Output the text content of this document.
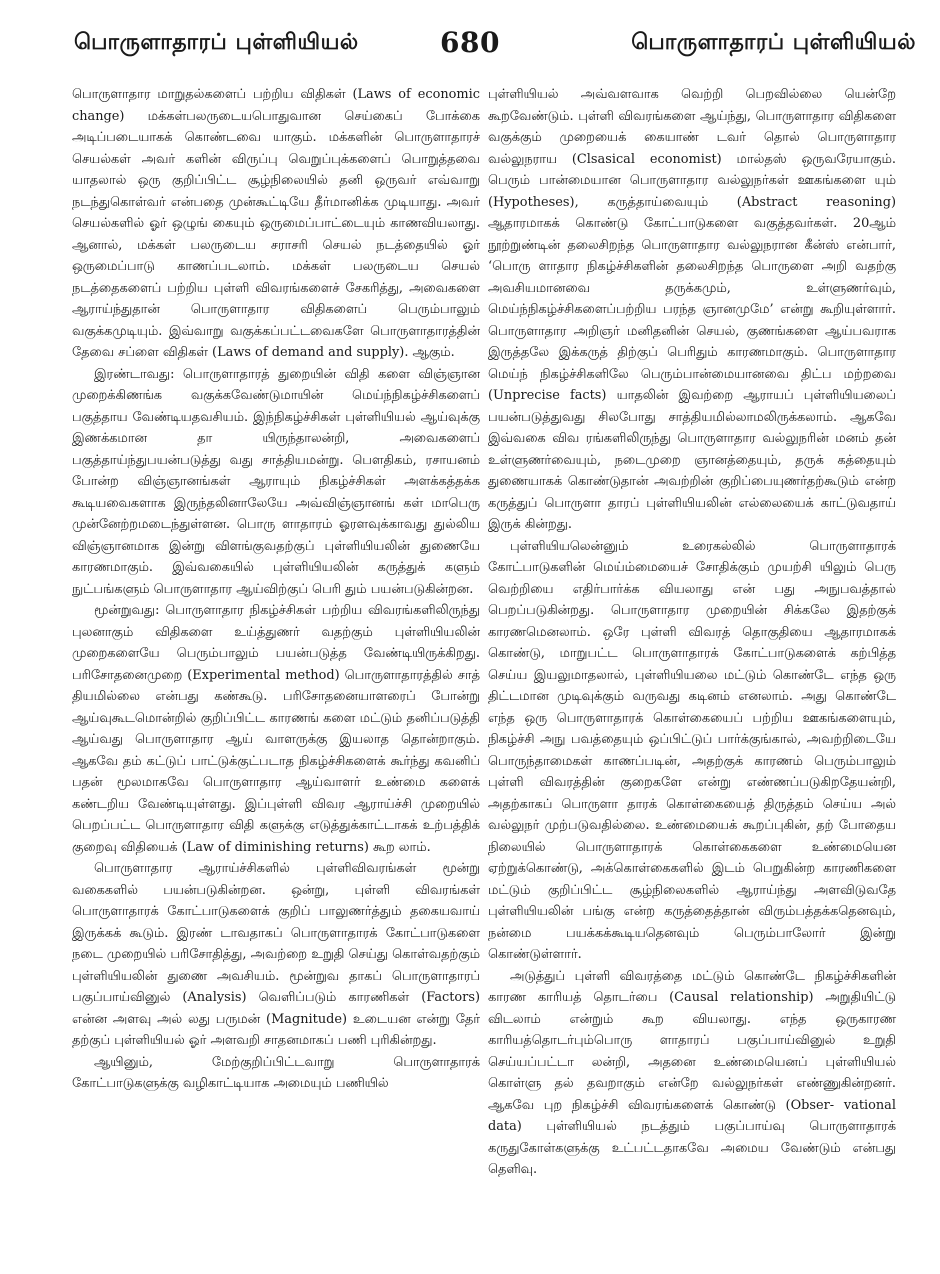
பொருளாதாரப் புள்ளியியல்	680	பொருளாதாரப் புள்ளியியல்

பொருளாதார மாறுதல்களைப் பற்றிய விதிகள் (Laws of economic change) மக்கள்பலருடையபொதுவான செய்கைப் போக்கை அடிப்படையாகக் கொண்டவை யாகும். மக்களின் பொருளாதாரச் செயல்கள் அவர் களின் விருப்பு வெறுப்புக்களைப் பொறுத்தவை யாதலால் ஒரு குறிப்பிட்ட சூழ்நிலையில் தனி ஒருவர் எவ்வாறு நடந்துகொள்வர் என்பதை முன்கூட்டியே தீர்மானிக்க முடியாது. அவர் செயல்களில் ஓர் ஒழுங் கையும் ஒருமைப்பாட்டையும் காணவியலாது. ஆனால், மக்கள் பலருடைய சராசரி செயல் நடத்தையில் ஓர் ஒருமைப்பாடு காணப்படலாம். மக்கள் பலருடைய செயல் நடத்தைகளைப் பற்றிய புள்ளி விவரங்களைச் சேகரித்து, அவைகளை ஆராய்ந்துதான் பொருளாதார விதிகளைப் பெரும்பாலும் வகுக்கமுடியும். இவ்வாறு வகுக்கப்பட்டவைகளே பொருளாதாரத்தின் தேவை சப்ளை விதிகள் (Laws of demand and supply). ஆகும்.

இரண்டாவது: பொருளாதாரத் துறையின் விதி களை விஞ்ஞான முறைக்கிணங்க வகுக்கவேண்டுமாயின் மெய்ந்நிகழ்ச்சிகளைப் பகுத்தாய வேண்டியதவசியம். இந்நிகழ்ச்சிகள் புள்ளியியல் ஆய்வுக்கு இணக்கமான தா யிருந்தாலன்றி, அவைகளைப் பகுத்தாய்ந்துபயன்படுத்து வது சாத்தியமன்று. பௌதிகம், ரசாயனம் போன்ற விஞ்ஞானங்கள் ஆராயும் நிகழ்ச்சிகள் அளக்கத்தக்க கூடியவைகளாக இருந்தலினாலேயே அவ்விஞ்ஞானங் கள் மாபெரு முன்னேற்றமடைந்துள்ளன. பொரு ளாதாரம் ஓரளவுக்காவது துல்லிய விஞ்ஞானமாக இன்று விளங்குவதற்குப் புள்ளியியலின் துணையே காரணமாகும். இவ்வகையில் புள்ளியியலின் கருத்துக் களும் நுட்பங்களும் பொருளாதார ஆய்விற்குப் பெரி தும் பயன்படுகின்றன.

மூன்றுவது: பொருளாதார நிகழ்ச்சிகள் பற்றிய விவரங்களிலிருந்து புலனாகும் விதிகளை உய்த்துணர் வதற்கும் புள்ளியியலின் முறைகளையே பெரும்பாலும் பயன்படுத்த வேண்டியிருக்கிறது. பரிசோதனைமுறை (Experimental method) பொருளாதாரத்தில் சாத் தியமில்லை என்பது கண்கூடு. பரிசோதனையாளரைப் போன்று ஆய்வுகூடமொன்றில் குறிப்பிட்ட காரணங் களை மட்டும் தனிப்படுத்தி ஆய்வது பொருளாதார ஆய் வாளருக்கு இயலாத தொன்றாகும். ஆகவே தம் கட்டுப் பாட்டுக்குட்படாத நிகழ்ச்சிகளைக் கூர்ந்து கவனிப் பதன் மூலமாகவே பொருளாதார ஆய்வாளர் உண்மை களைக் கண்டறிய வேண்டியுள்ளது. இப்புள்ளி விவர ஆராய்ச்சி முறையில் பெறப்பட்ட பொருளாதார விதி களுக்கு எடுத்துக்காட்டாகக் உற்பத்திக் குறைவு விதியைக் (Law of diminishing returns) கூற லாம்.

பொருளாதார ஆராய்ச்சிகளில் புள்ளிவிவரங்கள் மூன்று வகைகளில் பயன்படுகின்றன. ஒன்று, புள்ளி விவரங்கள் பொருளாதாரக் கோட்பாடுகளைக் குறிப் பாலுணர்த்தும் தகையவாய் இருக்கக் கூடும். இரண் டாவதாகப் பொருளாதாரக் கோட்பாடுகளை நடை முறையில் பரிசோதித்து, அவற்றை உறுதி செய்து கொள்வதற்கும் புள்ளியியலின் துணை அவசியம். மூன்றுவ தாகப் பொருளாதாரப் பகுப்பாய்வினுல் (Analysis) வெளிப்படும் காரணிகள் (Factors) என்ன அளவு அல் லது பருமன் (Magnitude) உடையன என்று தேர் தற்குப் புள்ளியியல் ஓர் அளவறி சாதனமாகப் பணி புரிகின்றது.

ஆயினும், மேற்குறிப்பிட்டவாறு பொருளாதாரக் கோட்பாடுகளுக்கு வழிகாட்டியாக அமையும் பணியில்

புள்ளியியல் அவ்வளவாக வெற்றி பெறவில்லை யென்றே கூறவேண்டும். புள்ளி விவரங்களை ஆய்ந்து, பொருளாதார விதிகளை வகுக்கும் முறையைக் கையாண் டவர் தொல் பொருளாதார வல்லுநராய (Clsasical economist) மால்தஸ் ஒருவரேயாகும். பெரும் பான்மையான பொருளாதார வல்லுநர்கள் ஊகங்களை யும் (Hypotheses), கருத்தாய்வையும் (Abstract reasoning) ஆதாரமாகக் கொண்டு கோட்பாடுகளை வகுத்தவர்கள். 20ஆம் நூற்றுண்டின் தலைசிறந்த பொருளாதார வல்லுநரான கீன்ஸ் என்பார், ‘பொரு ளாதார நிகழ்ச்சிகளின் தலைசிறந்த பொருளை அறி வதற்கு அவசியமானவை தருக்கமும், உள்ளுணர்வும், மெய்ந்நிகழ்ச்சிகளைப்பற்றிய பரந்த ஞானமுமே’ என்று கூறியுள்ளார். பொருளாதார அறிஞர் மனிதனின் செயல், குணங்களை ஆய்பவராக இருத்தலே இக்கருத் திற்குப் பெரிதும் காரணமாகும். பொருளாதார மெய்ந் நிகழ்ச்சிகளிலே பெரும்பான்மையானவை திட்ப மற்றவை (Unprecise facts) யாதலின் இவற்றை ஆராயப் புள்ளியியலைப் பயன்படுத்துவது சிலபோது சாத்தியமில்லாமலிருக்கலாம். ஆகவே இவ்வகை விவ ரங்களிலிருந்து பொருளாதார வல்லுநரின் மனம் தன் உள்ளுணர்வையும், நடைமுறை ஞானத்தையும், தருக் கத்தையும் துணையாகக் கொண்டுதான் அவற்றின் குறிப்பையுணர்தற்கூடும் என்ற கருத்துப் பொருளா தாரப் புள்ளியியலின் எல்லையைக் காட்டுவதாய் இருக் கின்றது.

புள்ளியியலென்னும் உரைகல்லில் பொருளாதாரக் கோட்பாடுகளின் மெய்ம்மையைச் சோதிக்கும் முயற்சி யிலும் பெரு வெற்றியை எதிர்பார்க்க வியலாது என் பது அநுபவத்தால் பெறப்படுகின்றது. பொருளாதார முறையின் சிக்கலே இதற்குக் காரணமெனலாம். ஒரே புள்ளி விவரத் தொகுதியை ஆதாரமாகக் கொண்டு, மாறுபட்ட பொருளாதாரக் கோட்பாடுகளைக் கற்பித்த செய்ய இயலுமாதலால், புள்ளியியலை மட்டும் கொண்டே எந்த ஒரு திட்டமான முடிவுக்கும் வருவது கடினம் எனலாம். அது கொண்டே எந்த ஒரு பொருளாதாரக் கொள்கையைப் பற்றிய ஊகங்களையும், நிகழ்ச்சி அநு பவத்தையும் ஒப்பிட்டுப் பார்க்குங்கால், அவற்றிடையே பொருந்தாமைகள் காணப்படின், அதற்குக் காரணம் பெரும்பாலும் புள்ளி விவரத்தின் குறைகளே என்று எண்ணப்படுகிறதேயன்றி, அதற்காகப் பொருளா தாரக் கொள்கையைத் திருத்தம் செய்ய அல் வல்லுநர் முற்படுவதில்லை. உண்மையைக் கூறப்புகின், தற் போதைய நிலையில் பொருளாதாரக் கொள்கைகளை உண்மையென ஏற்றுக்கொண்டு, அக்கொள்கைகளில் இடம் பெறுகின்ற காரணிகளை மட்டும் குறிப்பிட்ட சூழ்நிலைகளில் ஆராய்ந்து அளவிடுவதே புள்ளியியலின் பங்கு என்ற கருத்தைத்தான் விரும்பத்தக்கதெனவும், நன்மை பயக்கக்கூடியதெனவும் பெரும்பாலோர் இன்று கொண்டுள்ளார்.

அடுத்துப் புள்ளி விவரத்தை மட்டும் கொண்டே நிகழ்ச்சிகளின் காரண காரியத் தொடர்பை (Causal relationship) அறுதியிட்டு விடலாம் என்றும் கூற வியலாது. எந்த ஒருகாரண காரியத்தொடர்பும்பொரு ளாதாரப் பகுப்பாய்வினுல் உறுதி செய்யப்பட்டா லன்றி, அதனை உண்மையெனப் புள்ளியியல் கொள்ளு தல் தவறாகும் என்றே வல்லுநர்கள் எண்ணுகின்றனர். ஆகவே புற நிகழ்ச்சி விவரங்களைக் கொண்டு (Obser- vational data) புள்ளியியல் நடத்தும் பகுப்பாய்வு பொருளாதாரக் கருதுகோள்களுக்கு உட்பட்டதாகவே அமைய வேண்டும் என்பது தெளிவு.
